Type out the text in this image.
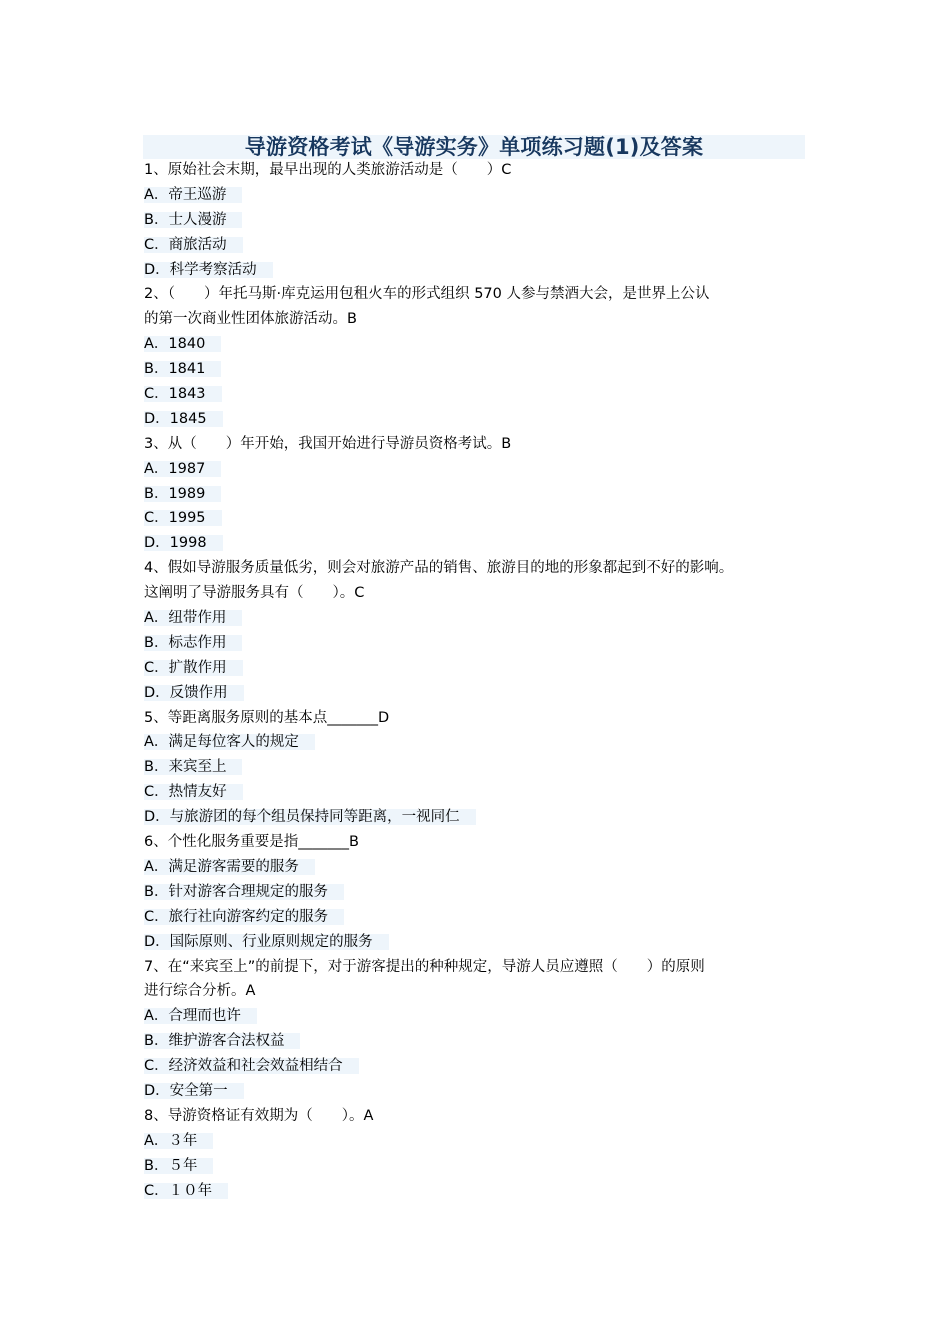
导游资格考试《导游实务》单项练习题(1)及答案
1、原始社会末期，最早出现的人类旅游活动是（　　）C
A．帝王巡游
B．士人漫游
C．商旅活动
D．科学考察活动
2、（　　）年托马斯·库克运用包租火车的形式组织 570 人参与禁酒大会，是世界上公认
的第一次商业性团体旅游活动。B
A．1840
B．1841
C．1843
D．1845
3、从（　　）年开始，我国开始进行导游员资格考试。B
A．1987
B．1989
C．1995
D．1998
4、假如导游服务质量低劣，则会对旅游产品的销售、旅游目的地的形象都起到不好的影响。
这阐明了导游服务具有（　　）。C
A．纽带作用
B．标志作用
C．扩散作用
D．反馈作用
5、等距离服务原则的基本点_______D
A．满足每位客人的规定
B．来宾至上
C．热情友好
D．与旅游团的每个组员保持同等距离，一视同仁
6、个性化服务重要是指_______B
A．满足游客需要的服务
B．针对游客合理规定的服务
C．旅行社向游客约定的服务
D．国际原则、行业原则规定的服务
7、在“来宾至上”的前提下，对于游客提出的种种规定，导游人员应遵照（　　）的原则
进行综合分析。A
A．合理而也许
B．维护游客合法权益
C．经济效益和社会效益相结合
D．安全第一
8、导游资格证有效期为（　　）。A
A．３年
B．５年
C．１０年
